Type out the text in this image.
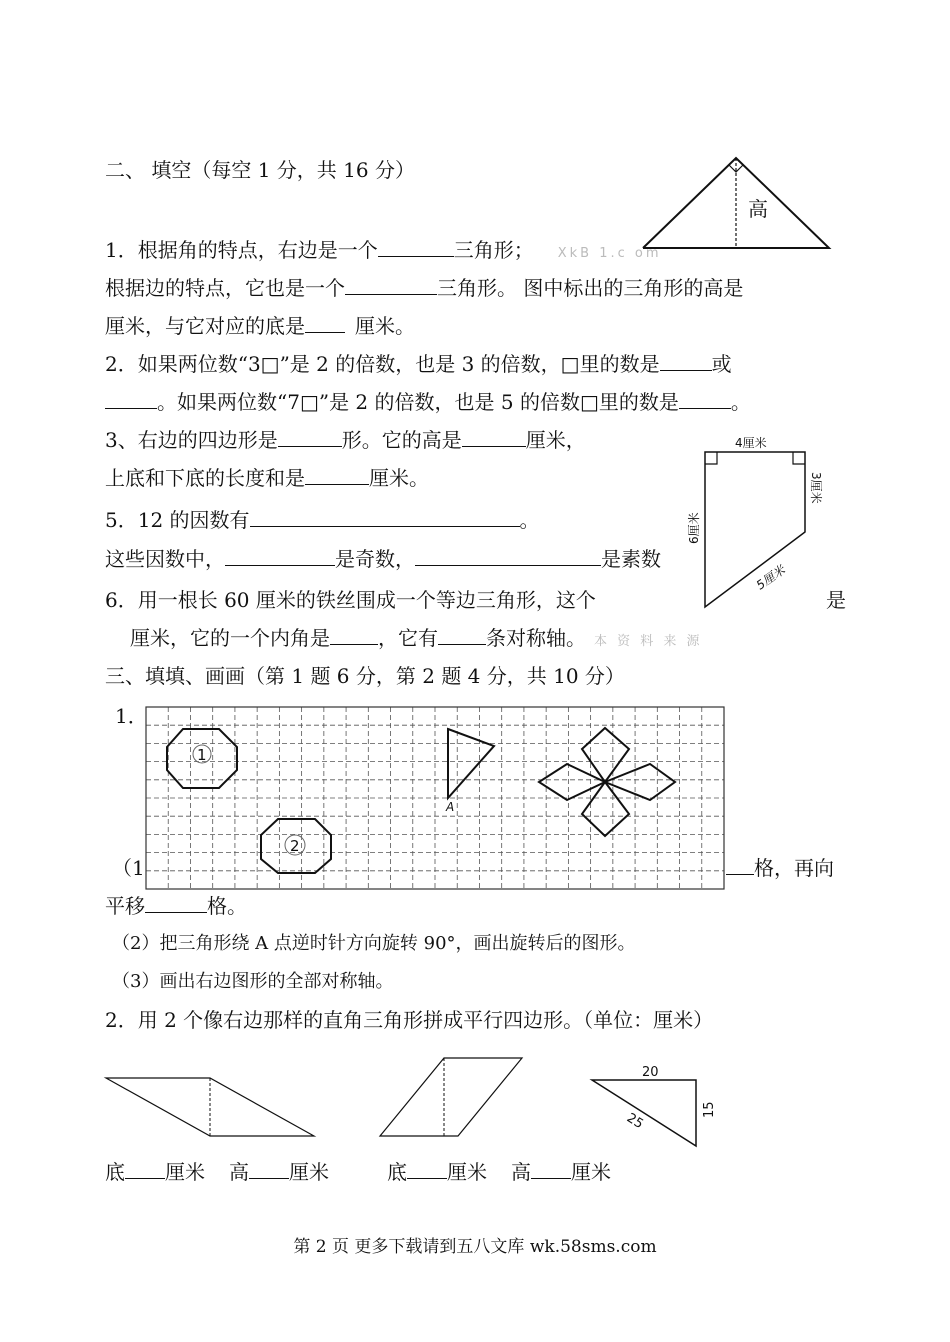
二、 填空（每空 1 分，共 16 分）
高
1．根据角的特点，右边是一个	三角形； XkB 1.c om
根据边的特点，它也是一个	三角形。 图中标出的三角形的高是
厘米，与它对应的底是	厘米。
2．如果两位数“3□”是 2 的倍数，也是 3 的倍数，□里的数是	或
。如果两位数“7□”是 2 的倍数，也是 5 的倍数□里的数是	。
3、右边的四边形是	形。它的高是	厘米，
上底和下底的长度和是	厘米。
4厘米
3厘米
6厘米
5厘米
5．12 的因数有	。
这些因数中，	是奇数，	是素数
6．用一根长 60 厘米的铁丝围成一个等边三角形，这个	是
厘米，它的一个内角是 ，它有 条对称轴。 本 资 料 来 源
三、填填、画画（第 1 题 6 分，第 2 题 4 分，共 10 分）
1．
1
2
A
（1	格，再向
平移	格。
（2）把三角形绕 A 点逆时针方向旋转 90°，画出旋转后的图形。
（3）画出右边图形的全部对称轴。
2．用 2 个像右边那样的直角三角形拼成平行四边形。（单位：厘米）
20
15
25
底 厘米 高 厘米	底 厘米 高 厘米
第 2 页 更多下载请到五八文库 wk.58sms.com
